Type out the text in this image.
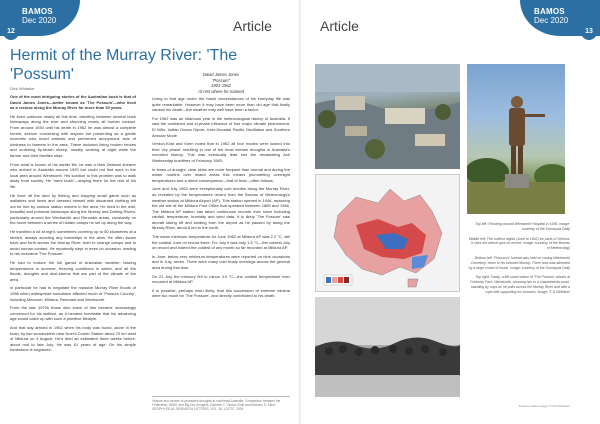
BAMOS
Dec 2020
12
BAMOS
Dec 2020
13
Article	Article
Hermit of the Murray River: 'The 'Possum'
Dick Whitaker

One of the most intriguing stories of the Australian bush is that of David James Jones—better known as 'The Possum'—who lived as a recluse along the Murray River for more than 30 years.

He lived outdoors nearly all this time, traveling between several bush hideaways along the river and shunning nearly all human contact. From around 1930 until his death in 1962 he was almost a complete hermit, seldom conversing with anyone but presenting as a gentle eccentric who loved animals and performed anonymous acts of kindness to farmers in the area. These included fixing broken fences and crutching fly-blown sheep, usually working at night while the farmer and their families slept.

From what is known of his earlier life, he was a New Zealand shearer who arrived in Australia around 1920 but could not find work in the local area around Wentworth. His solution to this problem was to walk away from society. He "went bush"—staying there for the rest of his life.

He lived off the land by fishing and trapping small game such as wallabies and foxes and dressed himself with discarded clothing left out for him by various station owners in the area. He lived in the wild, beautiful and primeval landscape along the Murray and Darling Rivers, particularly around the Wentworth and Renmark areas, constantly on the move between a series of hidden camps he set up along the way.

He travelled a lot at night, sometimes covering up to 50 kilometres at a stretch, always avoiding any townships in the area. He often swam back and forth across the Murray River, both to change camps and to avoid human contact. He reportedly slept in trees on occasion, leading to his nickname 'The Possum'.

He had to endure the full gamut of Australian weather: blazing temperatures in summer, freezing conditions in winter, and all the floods, droughts and dust-storms that are part of the climate of the area.

In particular he had to negotiate the massive Murray River floods of 1956 when widespread inundation affected much of 'Possum Country', including Mannum, Mildura, Renmark and Wentworth.

From the late 1970s those who knew of him became increasingly concerned for his welfare, as it became inevitable that his advancing age would catch up with such a primitive lifestyle.

And that day arrived in 1962 when his body was found, alone in the bush, by two woodcutters near Noel's Corner Station about 70 km west of Mildura on 4 August. He'd died an estimated three weeks before, about mid to late July. He was 61 years of age. On his simple tombstone is engraved:

David James Jones
"Possum"
1901-1962
At rest where he roamed

Living to that age under the harsh circumstances of his everyday life was quite remarkable. However it may have been more than old age that finally caused his death—the weather may well have been a factor.

For 1962 was an infamous year in the meteorological history of Australia. It saw the combined and in-phase influence of four major climate phenomena: El Niño, Indian Ocean Dipole, Inter-Decadal Pacific Oscillation and Southern Annular Mode.

Verdon-Kidd and Kiem noted that in 1962 all four modes were locked into their 'dry phase' resulting in one of the most intense droughts in Australia's recorded history. This was eventually lead into the devastating Ash Wednesday bushfires of February 1983.

In times of drought, clear skies are more frequent than normal and during the winter months over inland areas this means plummeting overnight temperatures and a direct consequence—that of frost—often follows.

June and July 1962 were exceptionally cold months along the Murray River, as revealed by the temperatures record from the Bureau of Meteorology's weather station at Mildura Airport (AP). This station opened in 1946, replacing the old site at the Mildura Post Office that operated between 1889 and 1946. The Mildura AP station has taken continuous records ever since including rainfall, temperature, humidity and wind data. It is likely 'The Possum' saw aircraft taking off and landing from the airport as he passed by along the Murray River, about 8 km to the north.

The mean minimum temperature for June 1962 at Mildura AP was 2.2 °C, still the coldest June on record there. For July it was only 1.5 °C—the coldest July on record and indeed the coldest of any month so far recorded at Mildura AP.

In June, below zero minimum temperatures were reported on nine occasions and in July, seven. There were many cold frosty mornings across the general area during this time.

On 21 July the mercury fell to minus 4.0 °C—the coldest temperature ever recorded at Mildura AP.

It is possible, perhaps even likely, that this succession of extreme minima were too much for 'The Possum', and directly contributed to his death.

¹Nature and causes of protracted droughts in southeast Australia: Comparison between the Federation, WWII, and Big Dry droughts. Danielle C. Verdon-Kidd and Anthony S. Kiem. GEOPHYSICAL RESEARCH LETTERS, VOL. 36, L22707, 2009

Top left: Flooding around Wentworth Hospital in 1956. Image: courtesy of the Sunraysia Daily

Middle left: The coldest nights (June to 1962) for parts of Victoria. It sees the dense spot on record. Image: courtesy of the Bureau of Meteorology

Bottom left: 'Possum's' funeral was held on casing Wentworth Cemetery, close to his beloved Murray. There was was attended by a large crowd of locals. Image: courtesy of the Sunraysia Daily

Top right: Today, a life-sized statue of 'The Possum' stands at Fotherby Park, Wentworth, showing him in a characteristic pose, standing by cups as he pulls across the Murray River and with a rope belt supporting his trousers. Image: © D Whitaker

Possum statue image © Dick Whitaker
